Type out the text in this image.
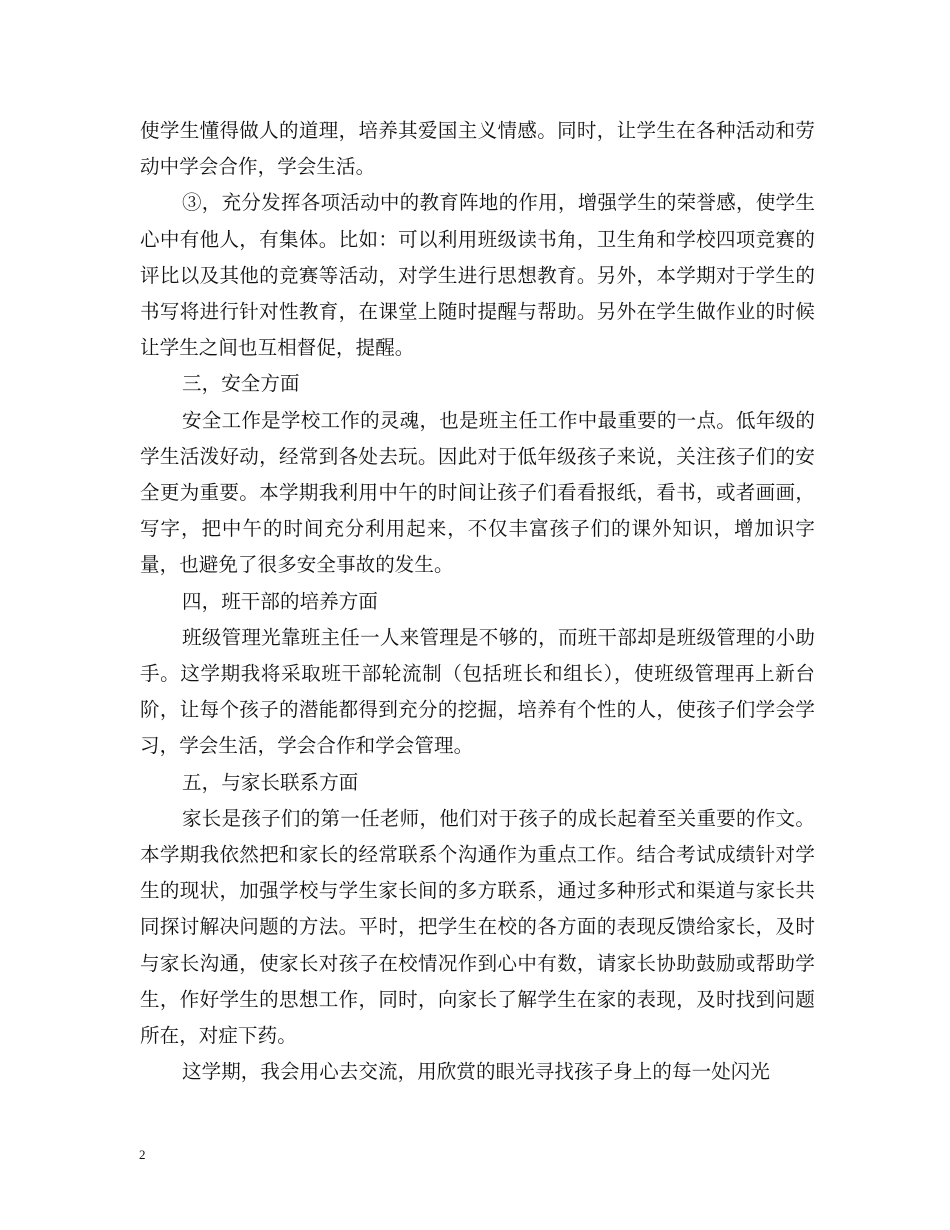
使学生懂得做人的道理，培养其爱国主义情感。同时，让学生在各种活动和劳动中学会合作，学会生活。

③，充分发挥各项活动中的教育阵地的作用，增强学生的荣誉感，使学生心中有他人，有集体。比如：可以利用班级读书角，卫生角和学校四项竞赛的评比以及其他的竞赛等活动，对学生进行思想教育。另外，本学期对于学生的书写将进行针对性教育，在课堂上随时提醒与帮助。另外在学生做作业的时候让学生之间也互相督促，提醒。

三，安全方面

安全工作是学校工作的灵魂，也是班主任工作中最重要的一点。低年级的学生活泼好动，经常到各处去玩。因此对于低年级孩子来说，关注孩子们的安全更为重要。本学期我利用中午的时间让孩子们看看报纸，看书，或者画画，写字，把中午的时间充分利用起来，不仅丰富孩子们的课外知识，增加识字量，也避免了很多安全事故的发生。

四，班干部的培养方面

班级管理光靠班主任一人来管理是不够的，而班干部却是班级管理的小助手。这学期我将采取班干部轮流制（包括班长和组长），使班级管理再上新台阶，让每个孩子的潜能都得到充分的挖掘，培养有个性的人，使孩子们学会学习，学会生活，学会合作和学会管理。

五，与家长联系方面

家长是孩子们的第一任老师，他们对于孩子的成长起着至关重要的作文。本学期我依然把和家长的经常联系个沟通作为重点工作。结合考试成绩针对学生的现状，加强学校与学生家长间的多方联系，通过多种形式和渠道与家长共同探讨解决问题的方法。平时，把学生在校的各方面的表现反馈给家长，及时与家长沟通，使家长对孩子在校情况作到心中有数，请家长协助鼓励或帮助学生，作好学生的思想工作，同时，向家长了解学生在家的表现，及时找到问题所在，对症下药。

这学期，我会用心去交流，用欣赏的眼光寻找孩子身上的每一处闪光

2
